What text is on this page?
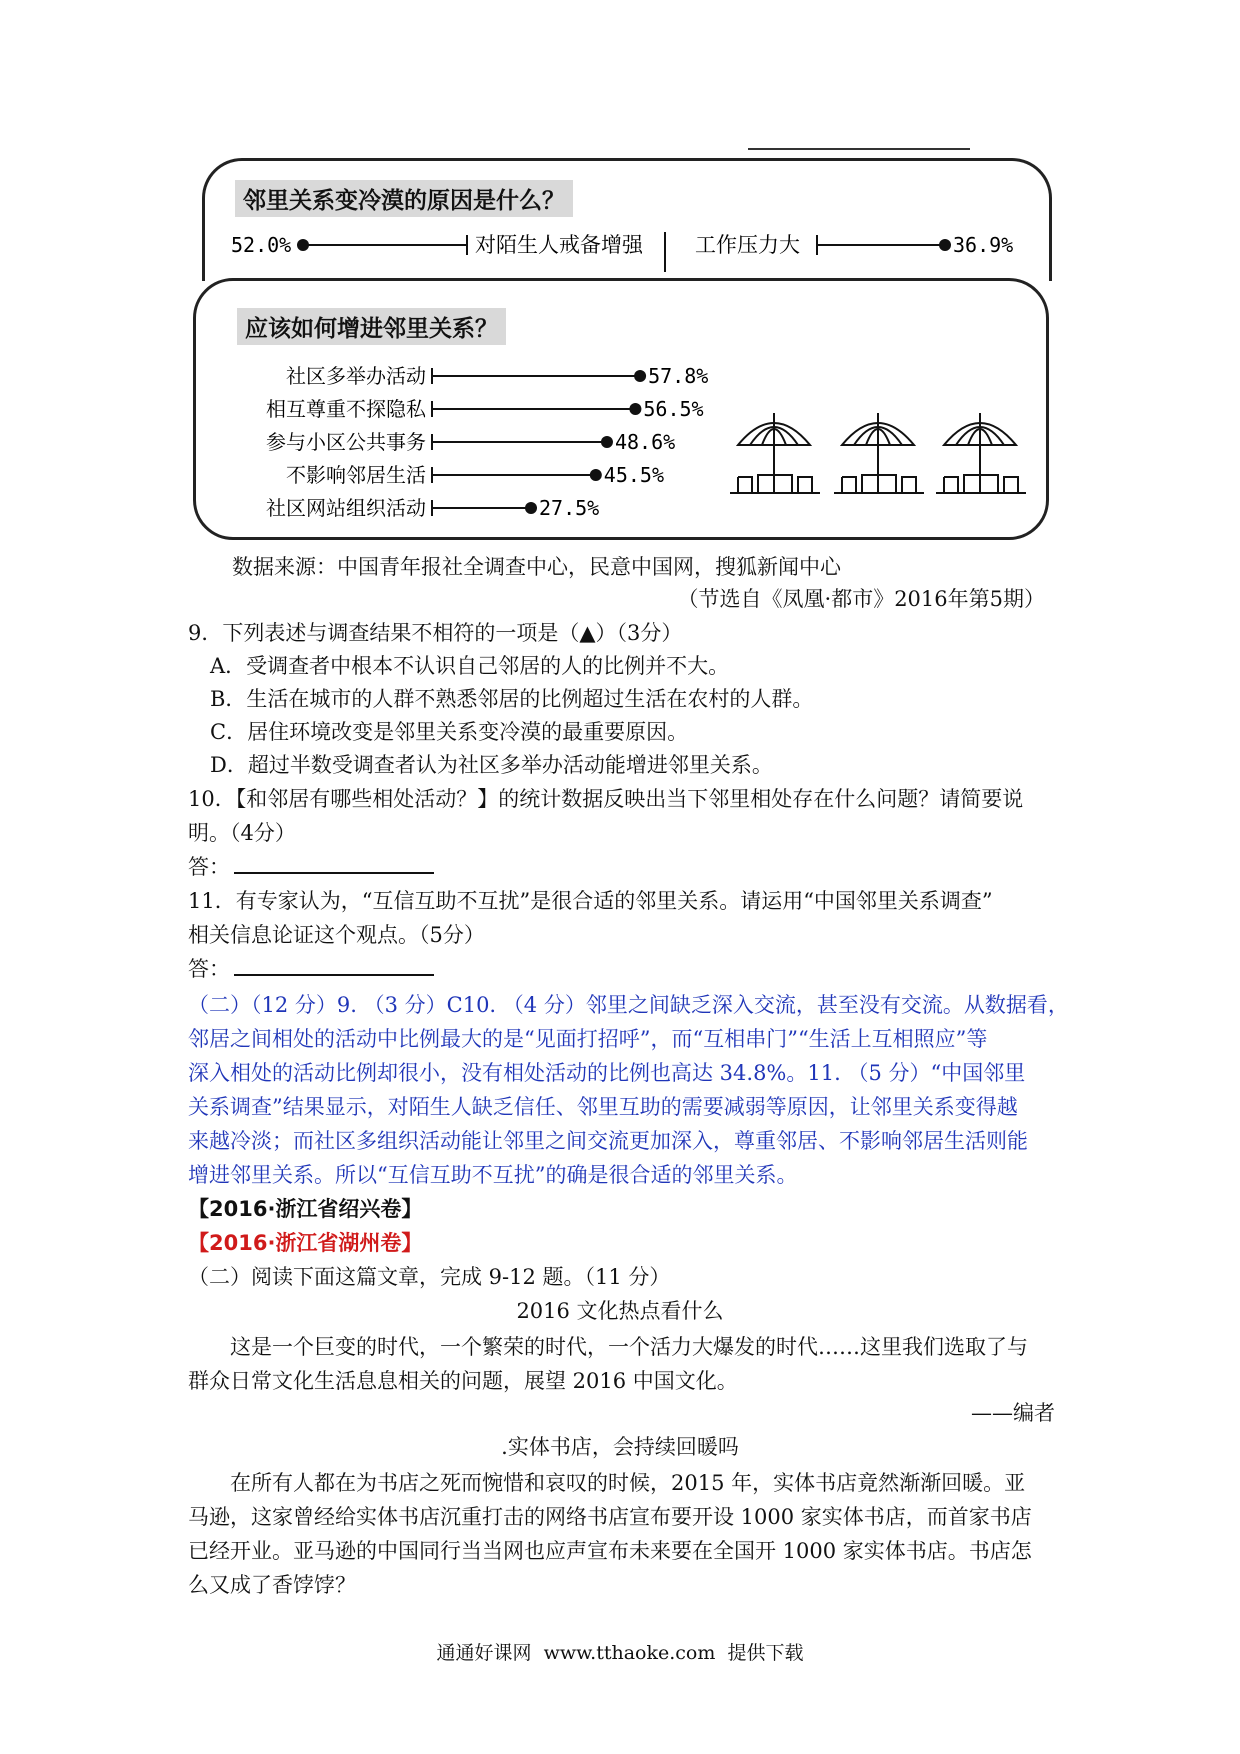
邻里关系变冷漠的原因是什么？
52.0%	对陌生人戒备增强 工作压力大	36.9%
应该如何增进邻里关系？
社区多举办活动	57.8%
相互尊重不探隐私	56.5%
参与小区公共事务	48.6%
不影响邻居生活	45.5%
社区网站组织活动	27.5%
数据来源：中国青年报社全调查中心，民意中国网，搜狐新闻中心
（节选自《凤凰·都市》2016年第5期）
9．下列表述与调查结果不相符的一项是（▲）（3分）
A．受调查者中根本不认识自己邻居的人的比例并不大。
B．生活在城市的人群不熟悉邻居的比例超过生活在农村的人群。
C．居住环境改变是邻里关系变冷漠的最重要原因。
D．超过半数受调查者认为社区多举办活动能增进邻里关系。
10．【和邻居有哪些相处活动？】的统计数据反映出当下邻里相处存在什么问题？请简要说
明。（4分）
答：
11．有专家认为，“互信互助不互扰”是很合适的邻里关系。请运用“中国邻里关系调查”
相关信息论证这个观点。（5分）
答：
（二）（12 分）9. （3 分）C10. （4 分）邻里之间缺乏深入交流，甚至没有交流。从数据看，
邻居之间相处的活动中比例最大的是“见面打招呼”，而“互相串门”“生活上互相照应”等
深入相处的活动比例却很小，没有相处活动的比例也高达 34.8%。11. （5 分）“中国邻里
关系调查”结果显示，对陌生人缺乏信任、邻里互助的需要减弱等原因，让邻里关系变得越
来越冷淡；而社区多组织活动能让邻里之间交流更加深入，尊重邻居、不影响邻居生活则能
增进邻里关系。所以“互信互助不互扰”的确是很合适的邻里关系。
【2016·浙江省绍兴卷】
【2016·浙江省湖州卷】
（二）阅读下面这篇文章，完成 9-12 题。（11 分）
2016 文化热点看什么
这是一个巨变的时代，一个繁荣的时代，一个活力大爆发的时代……这里我们选取了与
群众日常文化生活息息相关的问题，展望 2016 中国文化。
——编者
.实体书店，会持续回暖吗
在所有人都在为书店之死而惋惜和哀叹的时候，2015 年，实体书店竟然渐渐回暖。亚
马逊，这家曾经给实体书店沉重打击的网络书店宣布要开设 1000 家实体书店，而首家书店
已经开业。亚马逊的中国同行当当网也应声宣布未来要在全国开 1000 家实体书店。书店怎
么又成了香饽饽？
通通好课网  www.tthaoke.com  提供下载
